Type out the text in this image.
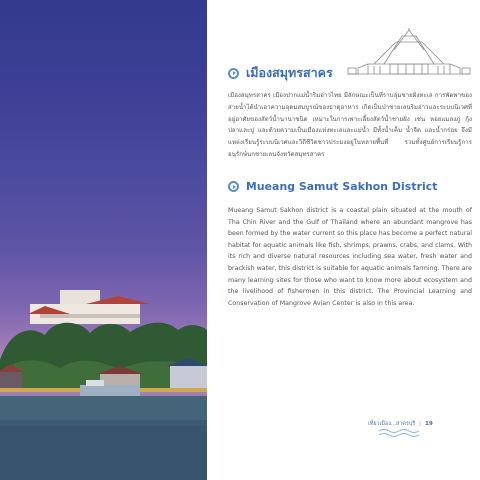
เมืองสมุทรสาคร
เมืองสมุทรสาคร เมืองปากแม่น้ำริมอ่าวไทย มีลักษณะเป็นที่ราบลุ่มชายฝั่งทะเล การพัดพาของสายน้ำได้นำเอาความอุดมสมบูรณ์ของธาตุอาหาร เกิดเป็นป่าชายเลนริมอ่าวและระบบนิเวศที่อยู่อาศัยของสัตว์น้ำนานาชนิด เหมาะในการเพาะเลี้ยงสัตว์น้ำชายฝั่ง เช่น หอยแมลงภู่ กุ้ง ปลาและปู และด้วยความเป็นเมืองแห่งทะเลและแม่น้ำ มีทั้งน้ำเค็ม น้ำจืด และน้ำกร่อย จึงมีแหล่งเรียนรู้ระบบนิเวศและวิถีชีวิตชาวประมงอยู่ในหลายพื้นที่ รวมทั้งศูนย์การเรียนรู้การอนุรักษ์นกชายเลนจังหวัดสมุทรสาคร
Mueang Samut Sakhon District
Mueang Samut Sakhon district is a coastal plain situated at the mouth of Tha Chin River and the Gulf of Thailand where an abundant mangrove has been formed by the water current so this place has become a perfect natural habitat for aquatic animals like fish, shrimps, prawns, crabs, and clams. With its rich and diverse natural resources including sea water, fresh water and brackish water, this district is suitable for aquatic animals farming. There are many learning sites for those who want to know more about ecosystem and the livelihood of fishermen in this district. The Provincial Learning and Conservation of Mangrove Avian Center is also in this area.
เที่ยวเมือง...สาครบุรี | 19
